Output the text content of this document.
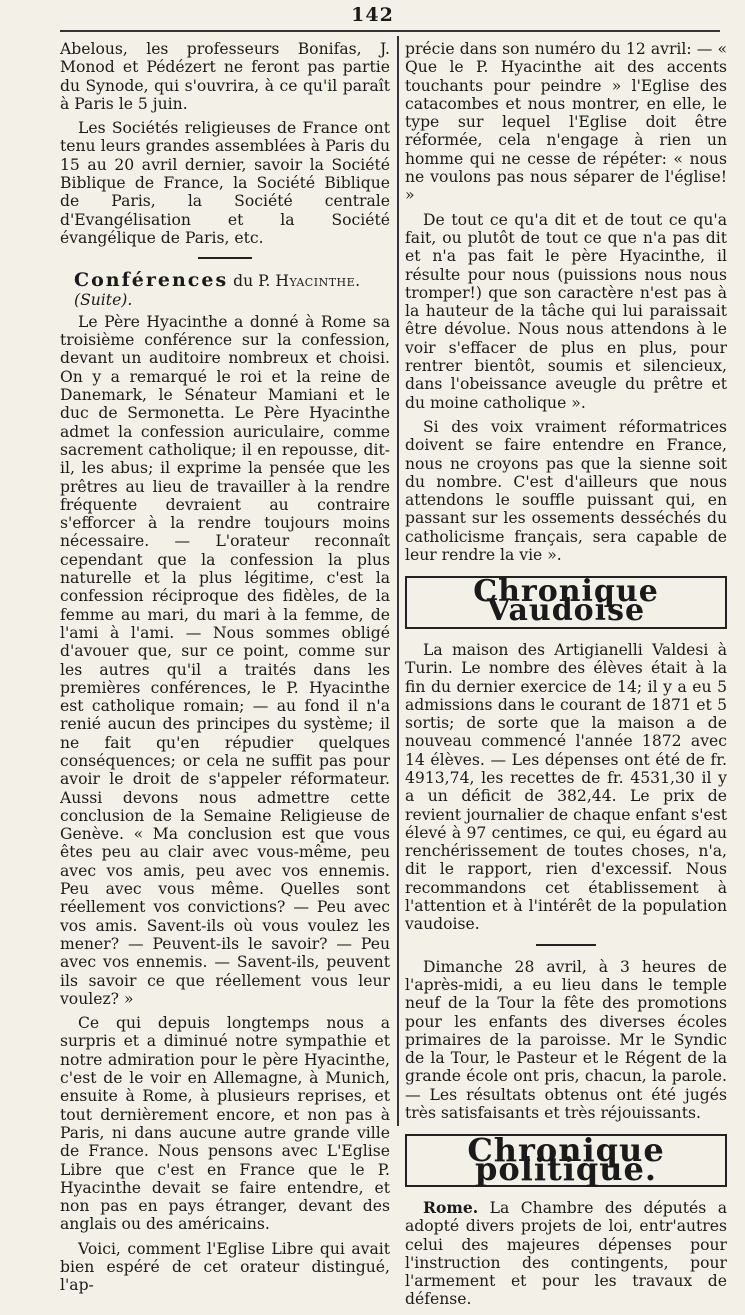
142

Abelous, les professeurs Bonifas, J. Monod et Pédézert ne feront pas partie du Synode, qui s'ouvrira, à ce qu'il paraît à Paris le 5 juin.

Les Sociétés religieuses de France ont tenu leurs grandes assemblées à Paris du 15 au 20 avril dernier, savoir la Société Biblique de France, la Société Biblique de Paris, la Société centrale d'Evangélisation et la Société évangélique de Paris, etc.

Conférences du P. Hyacinthe.
(Suite).

Le Père Hyacinthe a donné à Rome sa troisième conférence sur la confession, devant un auditoire nombreux et choisi. On y a remarqué le roi et la reine de Danemark, le Sénateur Mamiani et le duc de Sermonetta. Le Père Hyacinthe admet la confession auriculaire, comme sacrement catholique; il en repousse, dit-il, les abus; il exprime la pensée que les prêtres au lieu de travailler à la rendre fréquente devraient au contraire s'efforcer à la rendre toujours moins nécessaire. — L'orateur reconnaît cependant que la confession la plus naturelle et la plus légitime, c'est la confession réciproque des fidèles, de la femme au mari, du mari à la femme, de l'ami à l'ami. — Nous sommes obligé d'avouer que, sur ce point, comme sur les autres qu'il a traités dans les premières conférences, le P. Hyacinthe est catholique romain; — au fond il n'a renié aucun des principes du système; il ne fait qu'en répudier quelques conséquences; or cela ne suffit pas pour avoir le droit de s'appeler réformateur. Aussi devons nous admettre cette conclusion de la Semaine Religieuse de Genève. « Ma conclusion est que vous êtes peu au clair avec vous-même, peu avec vos amis, peu avec vos ennemis. Peu avec vous même. Quelles sont réellement vos convictions? — Peu avec vos amis. Savent-ils où vous voulez les mener? — Peuvent-ils le savoir? — Peu avec vos ennemis. — Savent-ils, peuvent ils savoir ce que réellement vous leur voulez? »

Ce qui depuis longtemps nous a surpris et a diminué notre sympathie et notre admiration pour le père Hyacinthe, c'est de le voir en Allemagne, à Munich, ensuite à Rome, à plusieurs reprises, et tout dernièrement encore, et non pas à Paris, ni dans aucune autre grande ville de France. Nous pensons avec L'Eglise Libre que c'est en France que le P. Hyacinthe devait se faire entendre, et non pas en pays étranger, devant des anglais ou des américains.

Voici, comment l'Eglise Libre qui avait bien espéré de cet orateur distingué, l'ap-

précie dans son numéro du 12 avril: — « Que le P. Hyacinthe ait des accents touchants pour peindre » l'Eglise des catacombes et nous montrer, en elle, le type sur lequel l'Eglise doit être réformée, cela n'engage à rien un homme qui ne cesse de répéter: « nous ne voulons pas nous séparer de l'église! »

De tout ce qu'a dit et de tout ce qu'a fait, ou plutôt de tout ce que n'a pas dit et n'a pas fait le père Hyacinthe, il résulte pour nous (puissions nous nous tromper!) que son caractère n'est pas à la hauteur de la tâche qui lui paraissait être dévolue. Nous nous attendons à le voir s'effacer de plus en plus, pour rentrer bientôt, soumis et silencieux, dans l'obeissance aveugle du prêtre et du moine catholique ».

Si des voix vraiment réformatrices doivent se faire entendre en France, nous ne croyons pas que la sienne soit du nombre. C'est d'ailleurs que nous attendons le souffle puissant qui, en passant sur les ossements desséchés du catholicisme français, sera capable de leur rendre la vie ».

Chronique Vaudoise

La maison des Artigianelli Valdesi à Turin. Le nombre des élèves était à la fin du dernier exercice de 14; il y a eu 5 admissions dans le courant de 1871 et 5 sortis; de sorte que la maison a de nouveau commencé l'année 1872 avec 14 élèves. — Les dépenses ont été de fr. 4913,74, les recettes de fr. 4531,30 il y a un déficit de 382,44. Le prix de revient journalier de chaque enfant s'est élevé à 97 centimes, ce qui, eu égard au renchérissement de toutes choses, n'a, dit le rapport, rien d'excessif. Nous recommandons cet établissement à l'attention et à l'intérêt de la population vaudoise.

Dimanche 28 avril, à 3 heures de l'après-midi, a eu lieu dans le temple neuf de la Tour la fête des promotions pour les enfants des diverses écoles primaires de la paroisse. Mr le Syndic de la Tour, le Pasteur et le Régent de la grande école ont pris, chacun, la parole. — Les résultats obtenus ont été jugés très satisfaisants et très réjouissants.

Chronique politique.

Rome. La Chambre des députés a adopté divers projets de loi, entr'autres celui des majeures dépenses pour l'instruction des contingents, pour l'armement et pour les travaux de défense.
